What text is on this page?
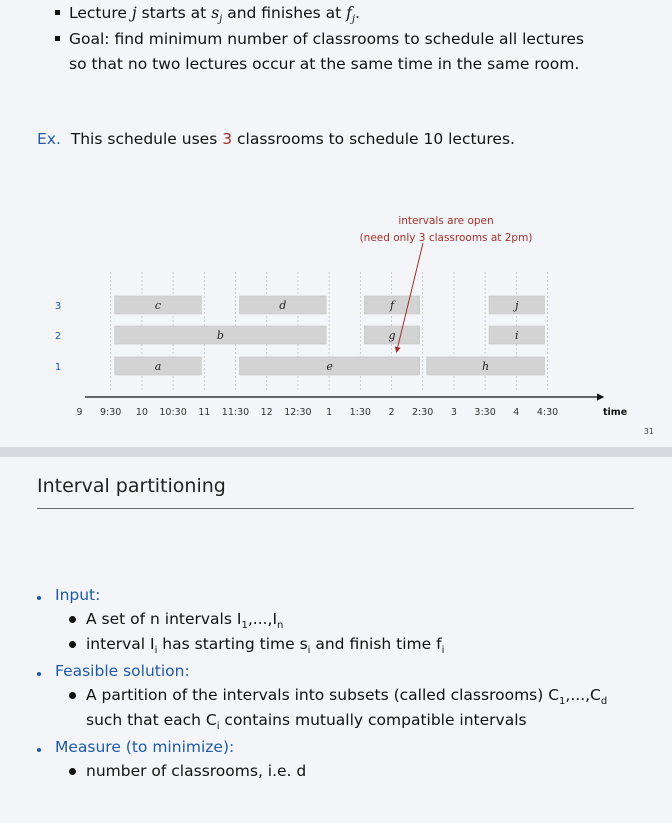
Lecture j starts at $s_j$ and finishes at $f_j$.
Goal: find minimum number of classrooms to schedule all lectures
so that no two lectures occur at the same time in the same room.
Ex. This schedule uses 3 classrooms to schedule 10 lectures.
a	e	h
b	g	i
c	d	f	j
1
2
3
9 9:30 10 10:30 11 11:30 12 12:30 1 1:30 2 2:30 3 3:30 4 4:30	time
intervals are open
(need only 3 classrooms at 2pm)
31
Interval partitioning
Input:
A set of n intervals $I_1,...,I_n$
interval $I_i$ has starting time $s_i$ and finish time $f_i$
Feasible solution:
A partition of the intervals into subsets (called classrooms) $C_1,...,C_d$
such that each $C_i$ contains mutually compatible intervals
Measure (to minimize):
number of classrooms, i.e. d
